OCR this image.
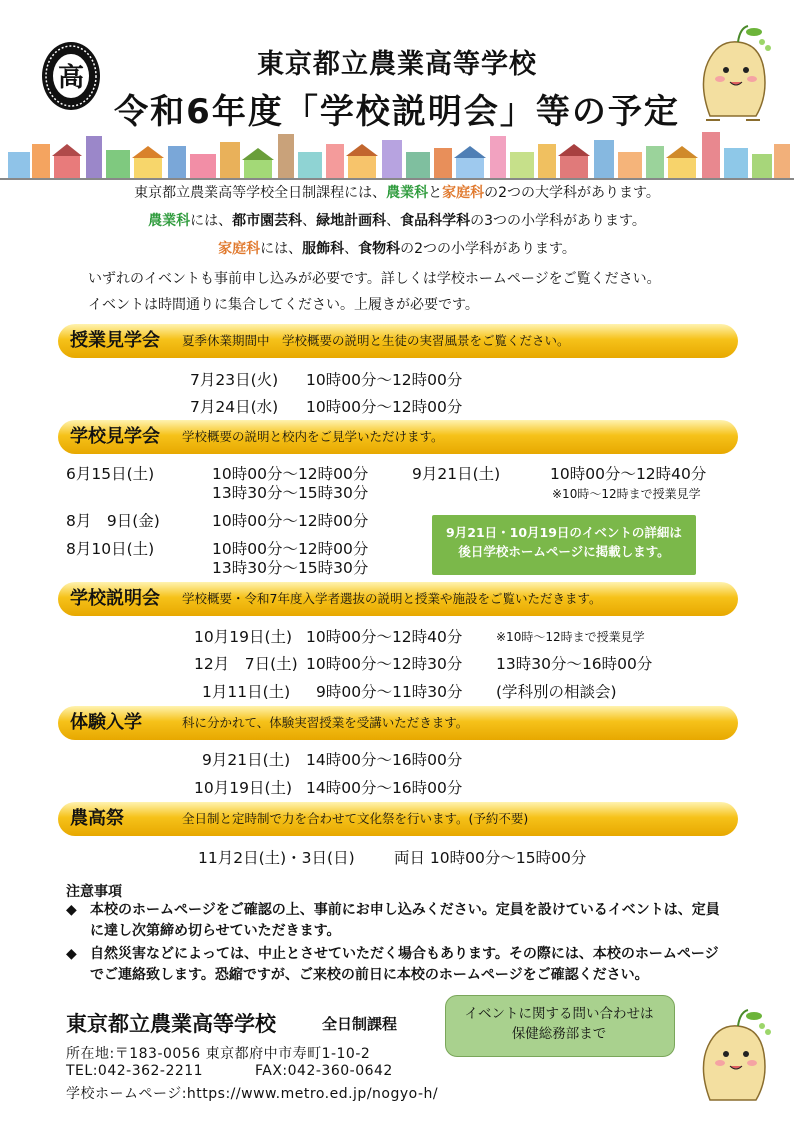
高	東京都立農業高等学校
令和6年度「学校説明会」等の予定
東京都立農業高等学校全日制課程には、農業科と家庭科の2つの大学科があります。
農業科には、都市園芸科、緑地計画科、食品科学科の3つの小学科があります。
家庭科には、服飾科、食物科の2つの小学科があります。
いずれのイベントも事前申し込みが必要です。詳しくは学校ホームページをご覧ください。
イベントは時間通りに集合してください。上履きが必要です。
授業見学会 夏季休業期間中　学校概要の説明と生徒の実習風景をご覧ください。
7月23日(火) 10時00分～12時00分
7月24日(水) 10時00分～12時00分
学校見学会 学校概要の説明と校内をご見学いただけます。
6月15日(土)	10時00分～12時00分
13時30分～15時30分
8月　9日(金)	10時00分～12時00分
8月10日(土)	10時00分～12時00分
13時30分～15時30分
9月21日(土)	10時00分～12時40分
※10時～12時まで授業見学
9月21日・10月19日のイベントの詳細は
後日学校ホームページに掲載します。
学校説明会 学校概要・令和7年度入学者選抜の説明と授業や施設をご覧いただきます。
10月19日(土) 10時00分～12時40分	※10時～12時まで授業見学
12月　7日(土) 10時00分～12時30分 13時30分～16時00分
1月11日(土) 9時00分～11時30分 (学科別の相談会)
体験入学	科に分かれて、体験実習授業を受講いただきます。
9月21日(土) 14時00分～16時00分
10月19日(土) 14時00分～16時00分
農高祭	全日制と定時制で力を合わせて文化祭を行います。(予約不要)
11月2日(土)・3日(日)	両日 10時00分～15時00分
注意事項
◆ 本校のホームページをご確認の上、事前にお申し込みください。定員を設けているイベントは、定員に達し次第締め切らせていただきます。
◆ 自然災害などによっては、中止とさせていただく場合もあります。その際には、本校のホームページでご連絡致します。恐縮ですが、ご来校の前日に本校のホームページをご確認ください。
東京都立農業高等学校	全日制課程
所在地:〒183-0056 東京都府中市寿町1-10-2
TEL:042-362-2211	FAX:042-360-0642
学校ホームページ:https://www.metro.ed.jp/nogyo-h/
イベントに関する問い合わせは
保健総務部まで
